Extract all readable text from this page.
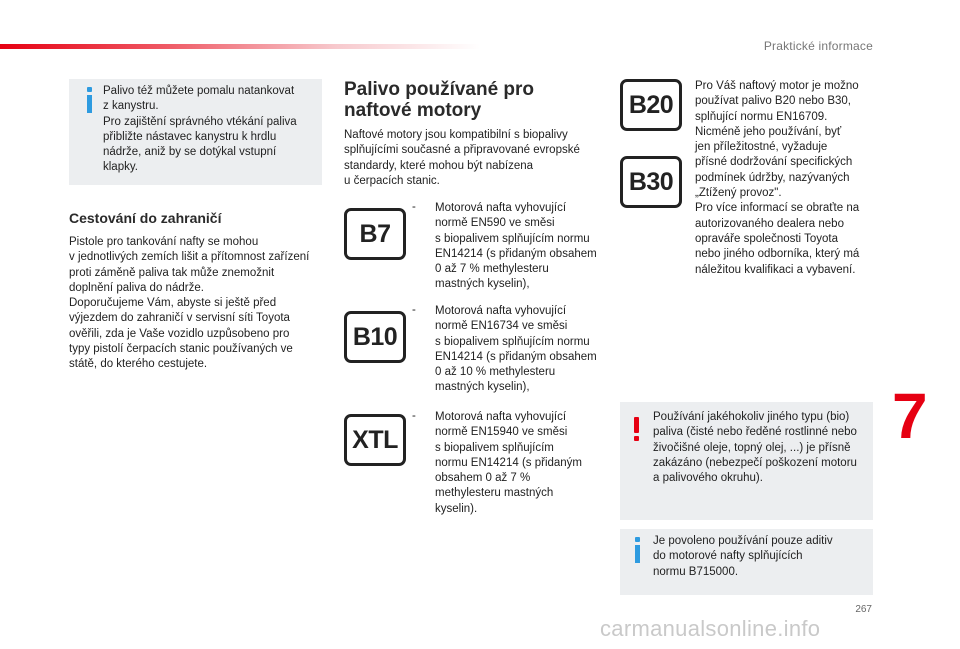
Praktické informace
Palivo též můžete pomalu natankovat
z kanystru.
Pro zajištění správného vtékání paliva
přibližte nástavec kanystru k hrdlu
nádrže, aniž by se dotýkal vstupní
klapky.
Cestování do zahraničí
Pistole pro tankování nafty se mohou
v jednotlivých zemích lišit a přítomnost zařízení
proti záměně paliva tak může znemožnit
doplnění paliva do nádrže.
Doporučujeme Vám, abyste si ještě před
výjezdem do zahraničí v servisní síti Toyota
ověřili, zda je Vaše vozidlo uzpůsobeno pro
typy pistolí čerpacích stanic používaných ve
státě, do kterého cestujete.
Palivo používané pro
naftové motory
Naftové motory jsou kompatibilní s biopalivy
splňujícími současné a připravované evropské
standardy, které mohou být nabízena
u čerpacích stanic.
B7
- Motorová nafta vyhovující
normě EN590 ve směsi
s biopalivem splňujícím normu
EN14214 (s přidaným obsahem
0 až 7 % methylesteru
mastných kyselin),
B10
- Motorová nafta vyhovující
normě EN16734 ve směsi
s biopalivem splňujícím normu
EN14214 (s přidaným obsahem
0 až 10 % methylesteru
mastných kyselin),
XTL
- Motorová nafta vyhovující
normě EN15940 ve směsi
s biopalivem splňujícím
normu EN14214 (s přidaným
obsahem 0 až 7 %
methylesteru mastných
kyselin).
B20
B30
Pro Váš naftový motor je možno
používat palivo B20 nebo B30,
splňující normu EN16709.
Nicméně jeho používání, byť
jen příležitostné, vyžaduje
přísné dodržování specifických
podmínek údržby, nazývaných
„Ztížený provoz".
Pro více informací se obraťte na
autorizovaného dealera nebo
opraváře společnosti Toyota
nebo jiného odborníka, který má
náležitou kvalifikaci a vybavení.
Používání jakéhokoliv jiného typu (bio)
paliva (čisté nebo ředěné rostlinné nebo
živočišné oleje, topný olej, ...) je přísně
zakázáno (nebezpečí poškození motoru
a palivového okruhu).
Je povoleno používání pouze aditiv
do motorové nafty splňujících
normu B715000.
7
267
carmanualsonline.info
